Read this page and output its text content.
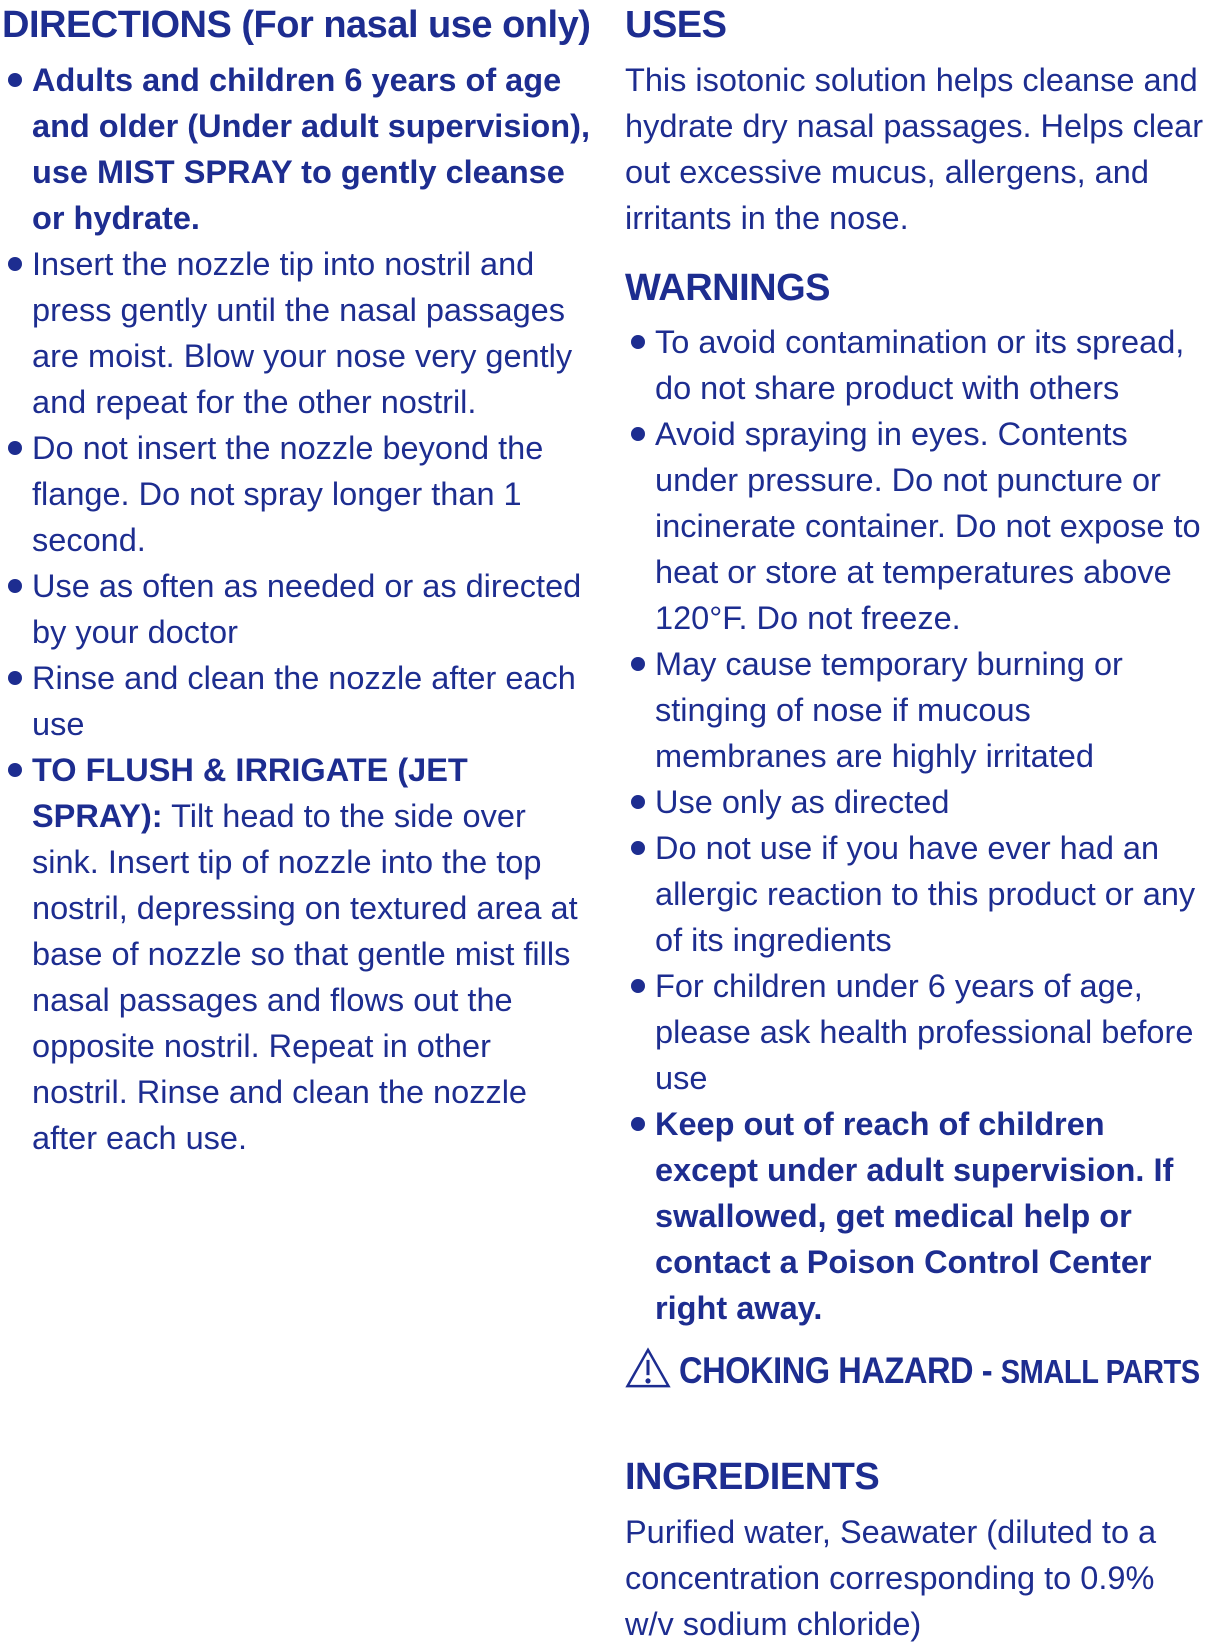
DIRECTIONS (For nasal use only)
Adults and children 6 years of age and older (Under adult supervision), use MIST SPRAY to gently cleanse or hydrate.
Insert the nozzle tip into nostril and press gently until the nasal passages are moist. Blow your nose very gently and repeat for the other nostril.
Do not insert the nozzle beyond the flange. Do not spray longer than 1 second.
Use as often as needed or as directed by your doctor
Rinse and clean the nozzle after each use
TO FLUSH & IRRIGATE (JET SPRAY): Tilt head to the side over sink. Insert tip of nozzle into the top nostril, depressing on textured area at base of nozzle so that gentle mist fills nasal passages and flows out the opposite nostril. Repeat in other nostril. Rinse and clean the nozzle after each use.
USES

This isotonic solution helps cleanse and hydrate dry nasal passages. Helps clear out excessive mucus, allergens, and irritants in the nose.

WARNINGS
To avoid contamination or its spread, do not share product with others
Avoid spraying in eyes. Contents under pressure. Do not puncture or incinerate container. Do not expose to heat or store at temperatures above 120°F. Do not freeze.
May cause temporary burning or stinging of nose if mucous membranes are highly irritated
Use only as directed
Do not use if you have ever had an allergic reaction to this product or any of its ingredients
For children under 6 years of age, please ask health professional before use
Keep out of reach of children except under adult supervision. If swallowed, get medical help or contact a Poison Control Center right away.
CHOKING HAZARD - SMALL PARTS
INGREDIENTS

Purified water, Seawater (diluted to a concentration corresponding to 0.9% w/v sodium chloride)
